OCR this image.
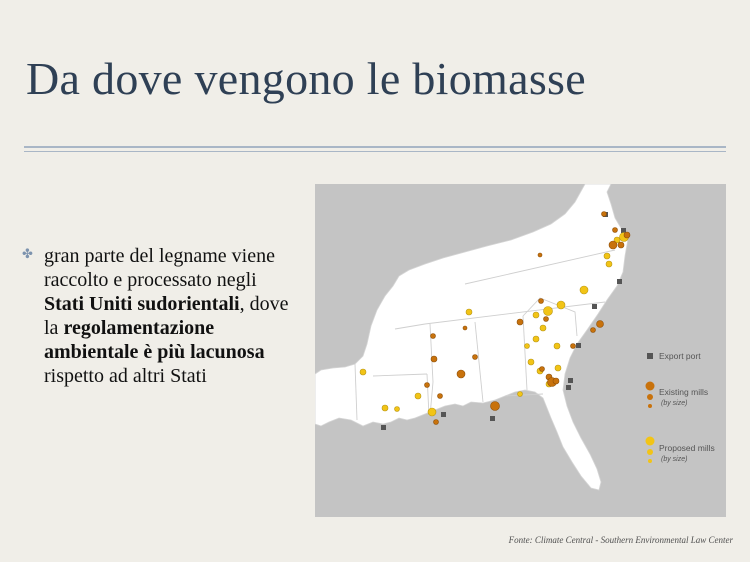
Da dove vengono le biomasse
✤ gran parte del legname viene raccolto e processato negli Stati Uniti sudorientali, dove la regolamentazione ambientale è più lacunosa rispetto ad altri Stati
Export port
Existing mills
(by size)
Proposed mills
(by size)
Fonte: Climate Central - Southern Environmental Law Center
